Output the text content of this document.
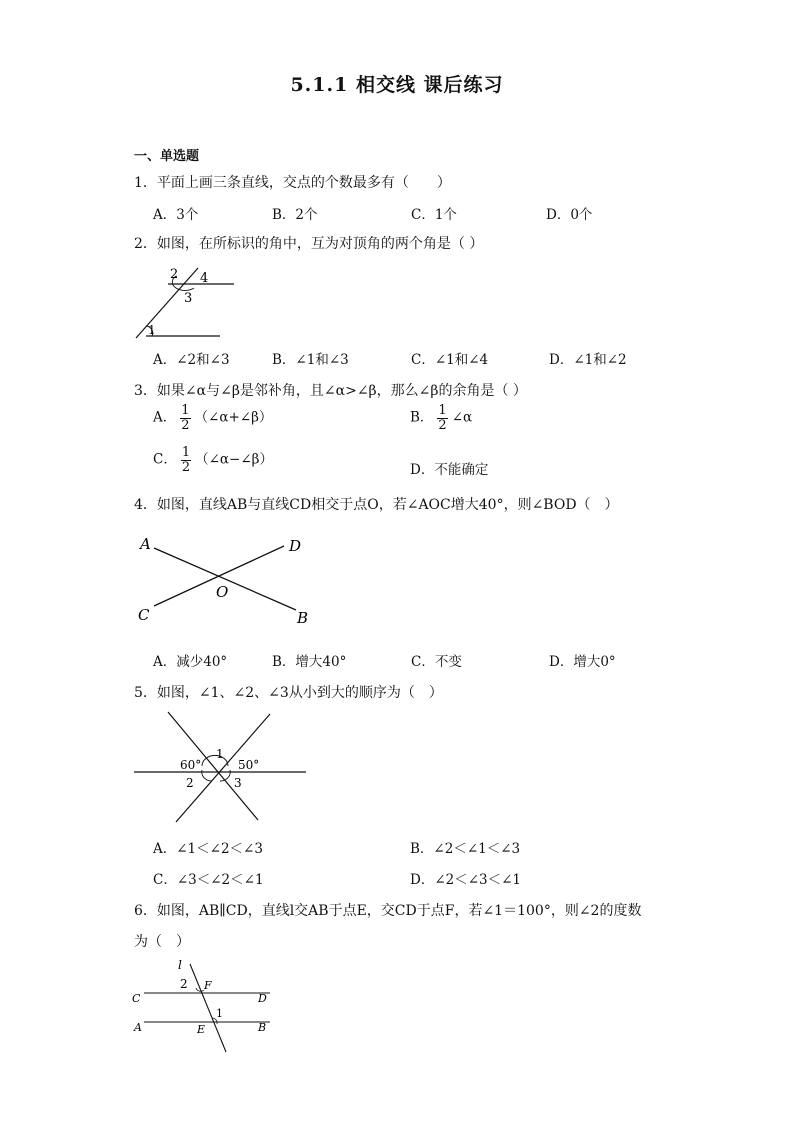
5.1.1 相交线 课后练习
一、单选题
1．平面上画三条直线，交点的个数最多有（　　）
A．3个	B．2个	C．1个	D．0个
2．如图，在所标识的角中，互为对顶角的两个角是（ ）
2 4
3
1
A．∠2和∠3	B．∠1和∠3	C．∠1和∠4	D．∠1和∠2
3．如果∠α与∠β是邻补角，且∠α>∠β，那么∠β的余角是（ ）
A． $\frac{1}{2}$ （∠α+∠β）	B． $\frac{1}{2}$ ∠α
C． $\frac{1}{2}$ （∠α−∠β）
D．不能确定
4．如图，直线AB与直线CD相交于点O，若∠AOC增大40°，则∠BOD（　）
A	D
O
C	B
A．减少40°	B．增大40°	C．不变	D．增大0°
5．如图，∠1、∠2、∠3从小到大的顺序为（　）
1
60°	50°
2	3
A．∠1＜∠2＜∠3	B．∠2＜∠1＜∠3
C．∠3＜∠2＜∠1	D．∠2＜∠3＜∠1
6．如图，AB∥CD，直线l交AB于点E，交CD于点F，若∠1＝100°，则∠2的度数
为（　）
l
2 F
C	D
1
A	E	B
